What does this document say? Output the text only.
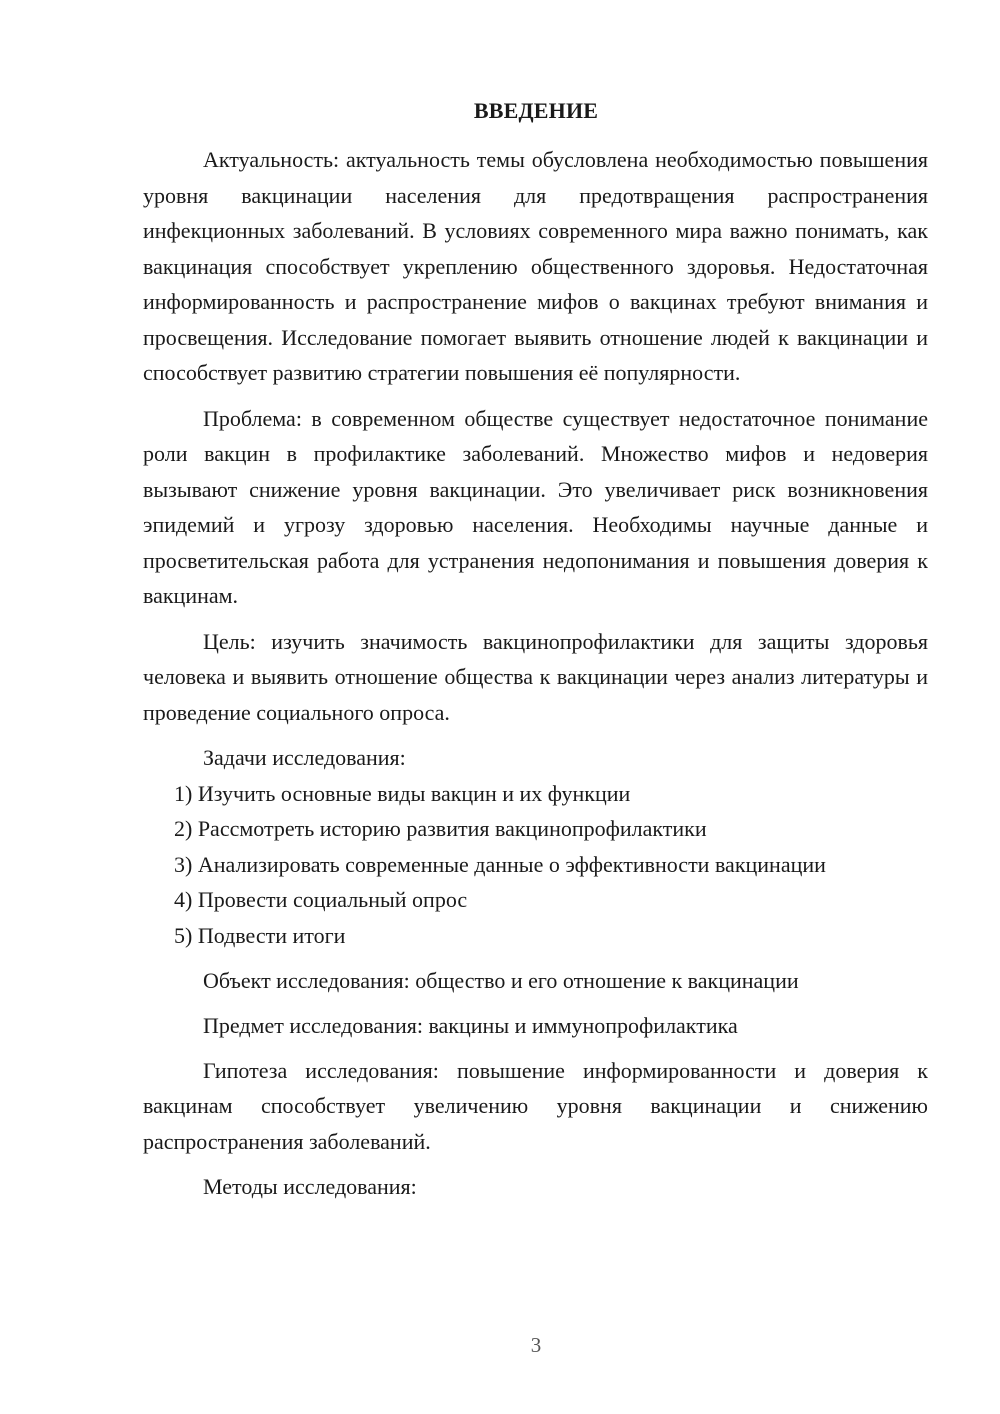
ВВЕДЕНИЕ

Актуальность: актуальность темы обусловлена необходимостью повышения уровня вакцинации населения для предотвращения распространения инфекционных заболеваний. В условиях современного мира важно понимать, как вакцинация способствует укреплению общественного здоровья. Недостаточная информированность и распространение мифов о вакцинах требуют внимания и просвещения. Исследование помогает выявить отношение людей к вакцинации и способствует развитию стратегии повышения её популярности.

Проблема: в современном обществе существует недостаточное понимание роли вакцин в профилактике заболеваний. Множество мифов и недоверия вызывают снижение уровня вакцинации. Это увеличивает риск возникновения эпидемий и угрозу здоровью населения. Необходимы научные данные и просветительская работа для устранения недопонимания и повышения доверия к вакцинам.

Цель: изучить значимость вакцинопрофилактики для защиты здоровья человека и выявить отношение общества к вакцинации через анализ литературы и проведение социального опроса.

Задачи исследования:

1) Изучить основные виды вакцин и их функции

2) Рассмотреть историю развития вакцинопрофилактики

3) Анализировать современные данные о эффективности вакцинации

4) Провести социальный опрос

5) Подвести итоги

Объект исследования: общество и его отношение к вакцинации

Предмет исследования: вакцины и иммунопрофилактика

Гипотеза исследования: повышение информированности и доверия к вакцинам способствует увеличению уровня вакцинации и снижению распространения заболеваний.

Методы исследования:

3
